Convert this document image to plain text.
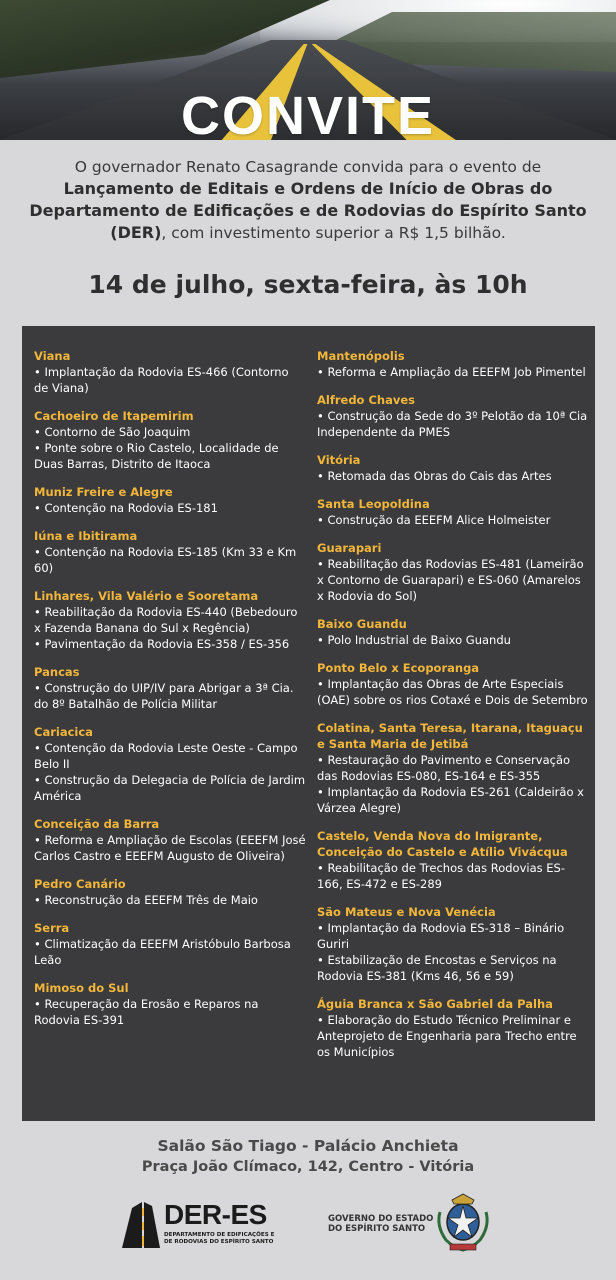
CONVITE
O governador Renato Casagrande convida para o evento de
Lançamento de Editais e Ordens de Início de Obras do Departamento de Edificações e de Rodovias do Espírito Santo (DER), com investimento superior a R$ 1,5 bilhão.
14 de julho, sexta-feira, às 10h
Viana
• Implantação da Rodovia ES-466 (Contorno de Viana)
Cachoeiro de Itapemirim
• Contorno de São Joaquim
• Ponte sobre o Rio Castelo, Localidade de Duas Barras, Distrito de Itaoca
Muniz Freire e Alegre
• Contenção na Rodovia ES-181
Iúna e Ibitirama
• Contenção na Rodovia ES-185 (Km 33 e Km 60)
Linhares, Vila Valério e Sooretama
• Reabilitação da Rodovia ES-440 (Bebedouro x Fazenda Banana do Sul x Regência)
• Pavimentação da Rodovia ES-358 / ES-356
Pancas
• Construção do UIP/IV para Abrigar a 3ª Cia. do 8º Batalhão de Polícia Militar
Cariacica
• Contenção da Rodovia Leste Oeste - Campo Belo II
• Construção da Delegacia de Polícia de Jardim América
Conceição da Barra
• Reforma e Ampliação de Escolas (EEEFM José Carlos Castro e EEEFM Augusto de Oliveira)
Pedro Canário
• Reconstrução da EEEFM Três de Maio
Serra
• Climatização da EEEFM Aristóbulo Barbosa Leão
Mimoso do Sul
• Recuperação da Erosão e Reparos na Rodovia ES-391
Mantenópolis
• Reforma e Ampliação da EEEFM Job Pimentel
Alfredo Chaves
• Construção da Sede do 3º Pelotão da 10ª Cia Independente da PMES
Vitória
• Retomada das Obras do Cais das Artes
Santa Leopoldina
• Construção da EEEFM Alice Holmeister
Guarapari
• Reabilitação das Rodovias ES-481 (Lameirão x Contorno de Guarapari) e ES-060 (Amarelos x Rodovia do Sol)
Baixo Guandu
• Polo Industrial de Baixo Guandu
Ponto Belo x Ecoporanga
• Implantação das Obras de Arte Especiais (OAE) sobre os rios Cotaxé e Dois de Setembro
Colatina, Santa Teresa, Itarana, Itaguaçu e Santa Maria de Jetibá
• Restauração do Pavimento e Conservação das Rodovias ES-080, ES-164 e ES-355
• Implantação da Rodovia ES-261 (Caldeirão x Várzea Alegre)
Castelo, Venda Nova do Imigrante, Conceição do Castelo e Atílio Vivácqua
• Reabilitação de Trechos das Rodovias ES-166, ES-472 e ES-289
São Mateus e Nova Venécia
• Implantação da Rodovia ES-318 – Binário Guriri
• Estabilização de Encostas e Serviços na Rodovia ES-381 (Kms 46, 56 e 59)
Águia Branca x São Gabriel da Palha
• Elaboração do Estudo Técnico Preliminar e Anteprojeto de Engenharia para Trecho entre os Municípios
Salão São Tiago - Palácio Anchieta
Praça João Clímaco, 142, Centro - Vitória
DER-ES
DEPARTAMENTO DE EDIFICAÇÕES E
DE RODOVIAS DO ESPÍRITO SANTO
GOVERNO DO ESTADO
DO ESPÍRITO SANTO
